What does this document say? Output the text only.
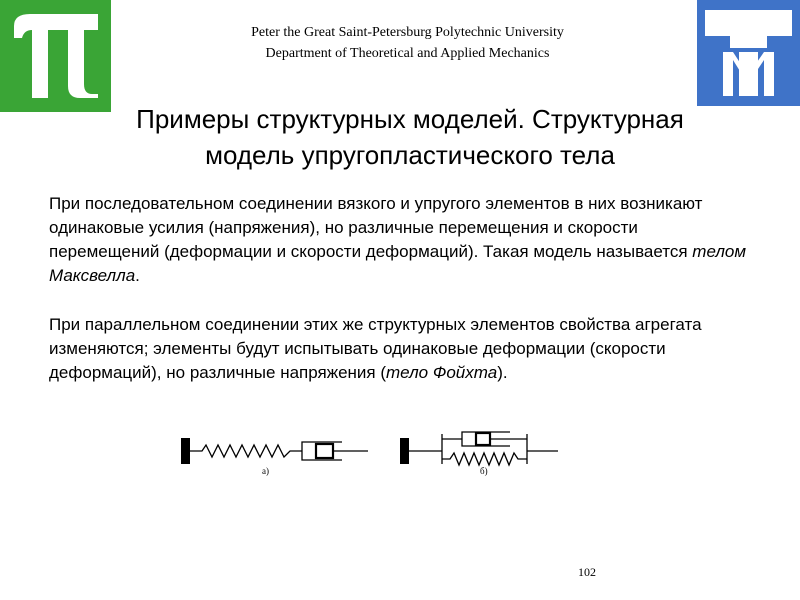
Peter the Great Saint-Petersburg Polytechnic University
Department of Theoretical and Applied Mechanics
Примеры структурных моделей. Структурная
модель упругопластического тела
При последовательном соединении вязкого и упругого элементов в них возникают одинаковые усилия (напряжения), но различные перемещения и скорости перемещений (деформации и скорости деформаций). Такая модель называется телом Максвелла.
При параллельном соединении этих же структурных элементов свойства агрегата изменяются; элементы будут испытывать одинаковые деформации (скорости деформаций), но различные напряжения (тело Фойхта).
а)	б)
102
